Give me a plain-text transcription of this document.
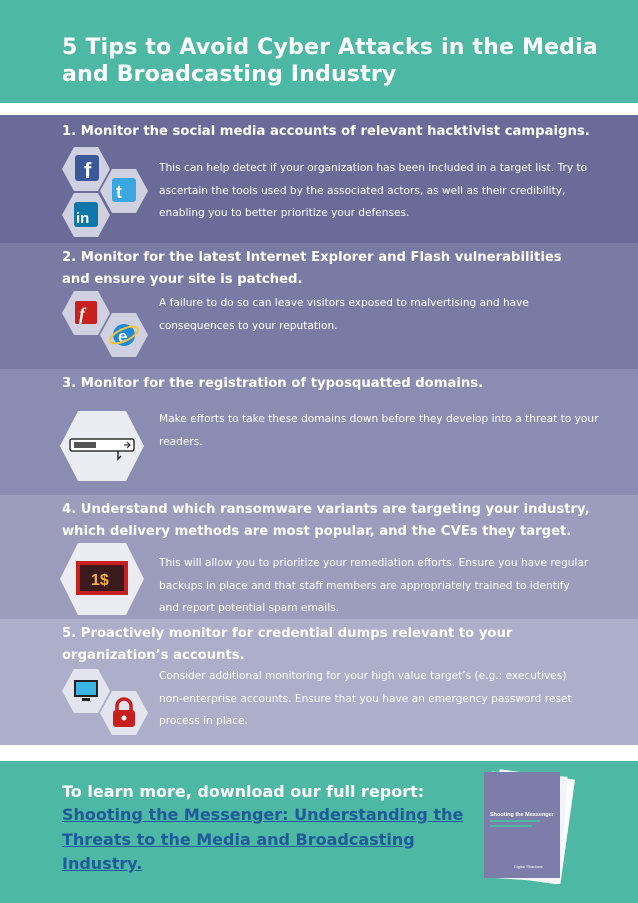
5 Tips to Avoid Cyber Attacks in the Media and Broadcasting Industry

1. Monitor the social media accounts of relevant hacktivist campaigns.

This can help detect if your organization has been included in a target list. Try to ascertain the tools used by the associated actors, as well as their credibility, enabling you to better prioritize your defenses.

f
t
in

2. Monitor for the latest Internet Explorer and Flash vulnerabilities and ensure your site is patched.

A failure to do so can leave visitors exposed to malvertising and have consequences to your reputation.

f
e

3. Monitor for the registration of typosquatted domains.

Make efforts to take these domains down before they develop into a threat to your readers.

4. Understand which ransomware variants are targeting your industry, which delivery methods are most popular, and the CVEs they target.

This will allow you to prioritize your remediation efforts. Ensure you have regular backups in place and that staff members are appropriately trained to identify and report potential spam emails.

1$

5. Proactively monitor for credential dumps relevant to your organization’s accounts.

Consider additional monitoring for your high value target’s (e.g.: executives) non-enterprise accounts. Ensure that you have an emergency password reset process in place.

To learn more, download our full report:

Shooting the Messenger: Understanding the Threats to the Media and Broadcasting Industry.
Shooting the Messenger
Digital Shadows
